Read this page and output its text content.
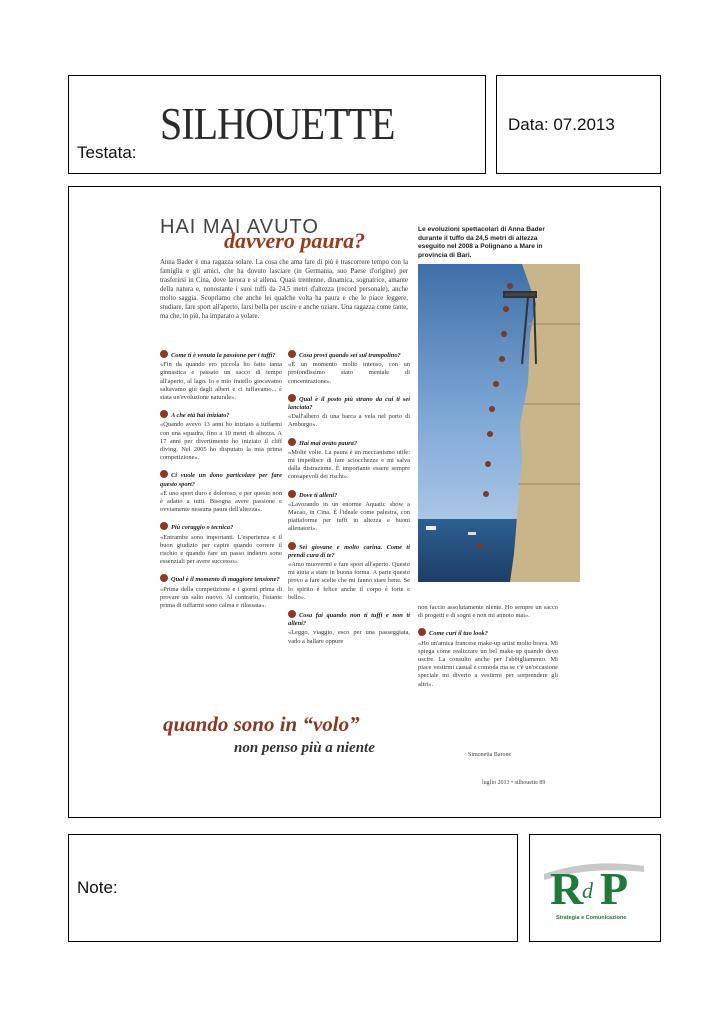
Testata:
SILHOUETTE	Data: 07.2013
HAI MAI AVUTO
davvero paura?
Anna Bader è una ragazza solare. La cosa che ama fare di più è trascorrere tempo con la famiglia e gli amici, che ha dovuto lasciare (in Germania, suo Paese d'origine) per trasferirsi in Cina, dove lavora e si allena. Quasi trentenne, dinamica, sognatrice, amante della natura e, nonostante i suoi tuffi da 24,5 metri d'altezza (record personale), anche molto saggia. Scopriamo che anche lei qualche volta ha paura e che le piace leggere, studiare, fare sport all'aperto, farsi bella per uscire e anche oziare. Una ragazza come tante, ma che, in più, ha imparato a volare.
Come ti è venuta la passione per i tuffi?
«Fin da quando ero piccola ho fatto tanta ginnastica e passato un sacco di tempo all'aperto, al lago. Io e mio fratello giocavamo saltavamo giù dagli alberi e ci tuffavamo... è stata un'evoluzione naturale».
A che età hai iniziato?
«Quando avevo 13 anni ho iniziato a tuffarmi con una squadra, fino a 10 metri di altezza. A 17 anni per divertimento ho iniziato il cliff diving. Nel 2005 ho disputato la mia prima competizione».
Ci vuole un dono particolare per fare questo sport?
«È uno sport duro e doloroso, e per questo non è adatto a tutti. Bisogna avere passione e ovviamente nessuna paura dell'altezza».
Più coraggio o tecnica?
«Entrambe sono importanti. L'esperienza e il buon giudizio per capire quando correre il rischio e quando fare un passo indietro sono essenziali per avere successo».
Qual è il momento di maggiore tensione?
«Prima della competizione e i giorni prima di provare un salto nuovo. Al contrario, l'istante prima di tuffarmi sono calma e rilassata».
Cosa provi quando sei sul trampolino?
«È un momento molto intenso, con un profondissimo stato mentale di concentrazione».
Qual è il posto più strano da cui ti sei lanciata?
«Dall'albero di una barca a vela nel porto di Amburgo».
Hai mai avuto paura?
«Molte volte. La paura è un meccanismo utile: mi impedisce di fare sciocchezze e mi salva dalla distrazione. È importante essere sempre consapevoli dei rischi».
Dove ti alleni?
«Lavorando in un enorme Aquatic show a Macao, in Cina. È l'ideale come palestra, con piattaforme per tuffi in altezza e buoni allenatori».
Sei giovane e molto carina. Come ti prendi cura di te?
«Amo muovermi e fare sport all'aperto. Questo mi aiuta a stare in buona forma. A parte questo provo a fare scelte che mi fanno stare bene. Se lo spirito è felice anche il corpo è forte e bello».
Cosa fai quando non ti tuffi e non ti alleni?
«Leggo, viaggio, esco per una passeggiata, vado a ballare oppure
Le evoluzioni spettacolari di Anna Bader durante il tuffo da 24,5 metri di altezza eseguito nel 2008 a Polignano a Mare in provincia di Bari.
non faccio assolutamente niente. Ho sempre un sacco di progetti e di sogni e non mi annoio mai».
Come curi il tuo look?
«Ho un'amica francese make-up artist molto brava. Mi spiega come realizzare un bel make-up quando devo uscire. La consulto anche per l'abbigliamento. Mi piace vestirmi casual e comoda ma se c'è un'occasione speciale mi diverto a vestirmi per sorprendere gli altri».
quando sono in “volo”
non penso più a niente	Simonetta Barone
luglio 2013 • silhouette 89
Note:	R
d P
Strategia e Comunicazione
